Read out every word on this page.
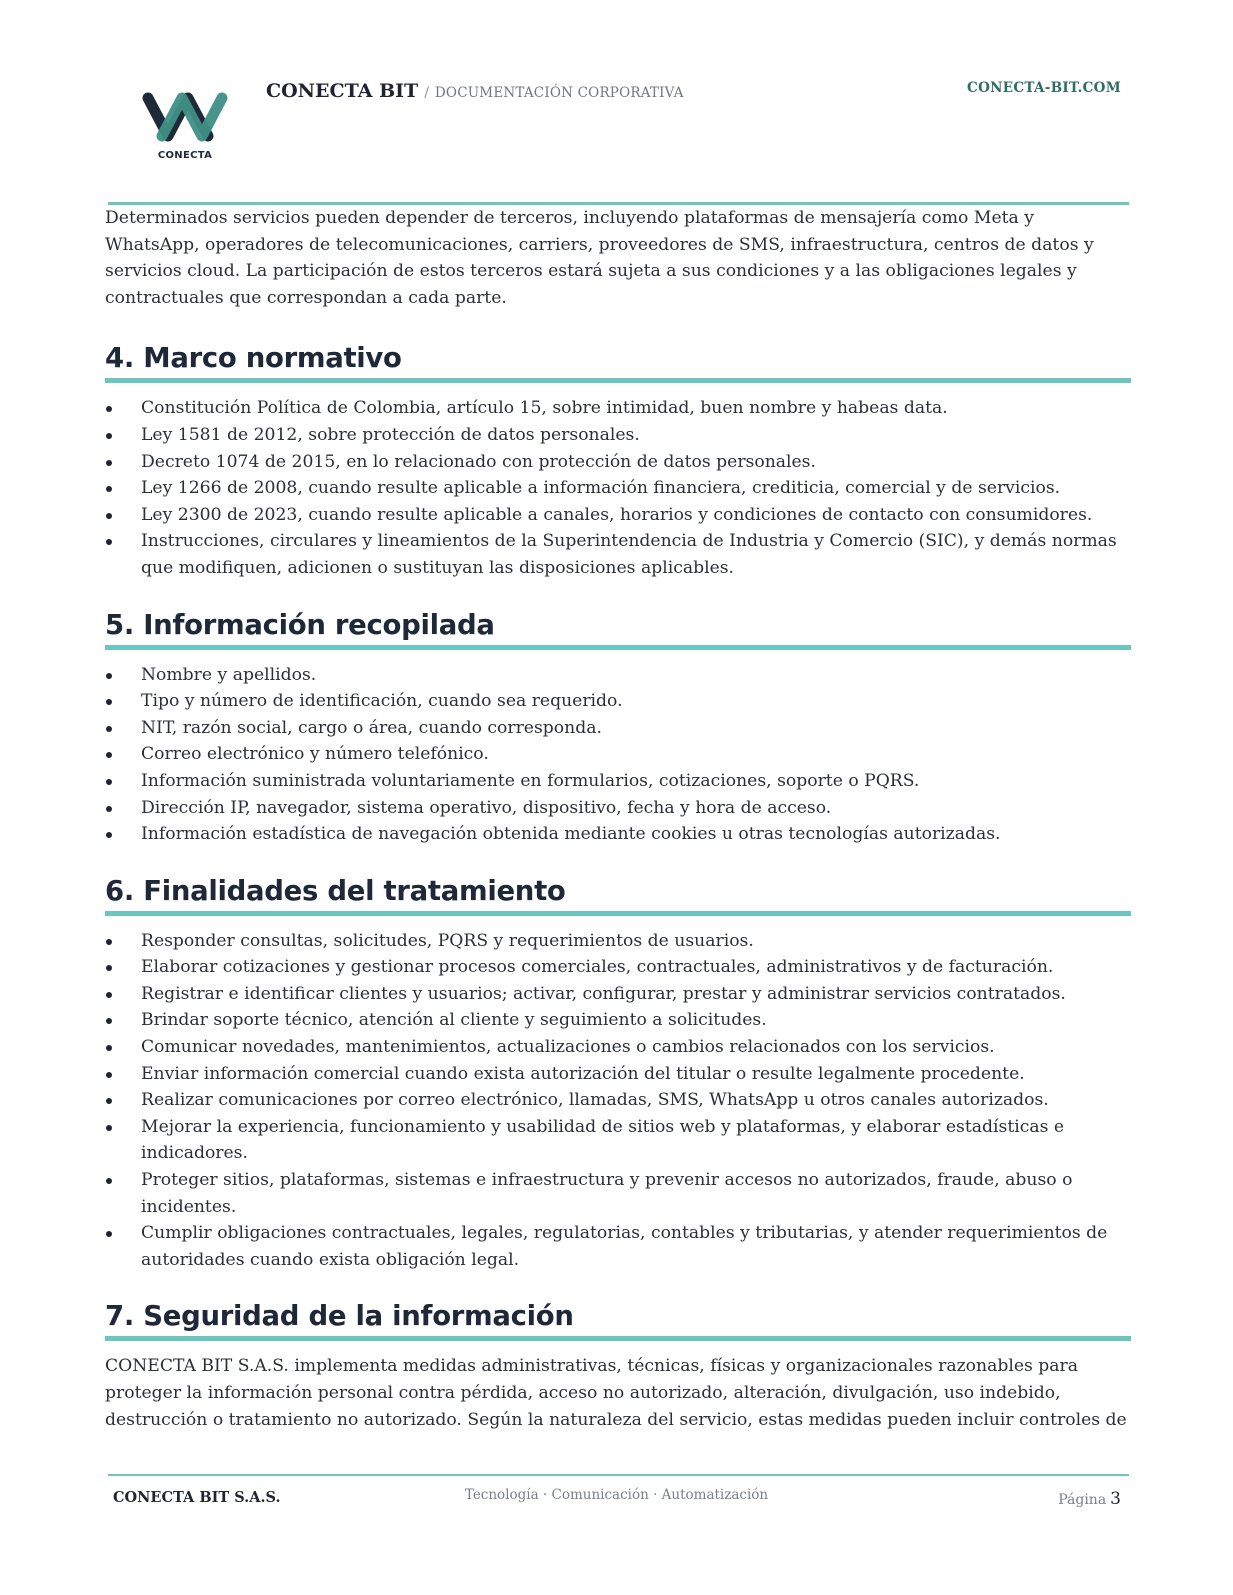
CONECTA
CONECTA BIT / DOCUMENTACIÓN CORPORATIVA	CONECTA-BIT.COM

Determinados servicios pueden depender de terceros, incluyendo plataformas de mensajería como Meta y WhatsApp, operadores de telecomunicaciones, carriers, proveedores de SMS, infraestructura, centros de datos y servicios cloud. La participación de estos terceros estará sujeta a sus condiciones y a las obligaciones legales y contractuales que correspondan a cada parte.

4. Marco normativo
Constitución Política de Colombia, artículo 15, sobre intimidad, buen nombre y habeas data.
Ley 1581 de 2012, sobre protección de datos personales.
Decreto 1074 de 2015, en lo relacionado con protección de datos personales.
Ley 1266 de 2008, cuando resulte aplicable a información financiera, crediticia, comercial y de servicios.
Ley 2300 de 2023, cuando resulte aplicable a canales, horarios y condiciones de contacto con consumidores.
Instrucciones, circulares y lineamientos de la Superintendencia de Industria y Comercio (SIC), y demás normas que modifiquen, adicionen o sustituyan las disposiciones aplicables.
5. Información recopilada
Nombre y apellidos.
Tipo y número de identificación, cuando sea requerido.
NIT, razón social, cargo o área, cuando corresponda.
Correo electrónico y número telefónico.
Información suministrada voluntariamente en formularios, cotizaciones, soporte o PQRS.
Dirección IP, navegador, sistema operativo, dispositivo, fecha y hora de acceso.
Información estadística de navegación obtenida mediante cookies u otras tecnologías autorizadas.
6. Finalidades del tratamiento
Responder consultas, solicitudes, PQRS y requerimientos de usuarios.
Elaborar cotizaciones y gestionar procesos comerciales, contractuales, administrativos y de facturación.
Registrar e identificar clientes y usuarios; activar, configurar, prestar y administrar servicios contratados.
Brindar soporte técnico, atención al cliente y seguimiento a solicitudes.
Comunicar novedades, mantenimientos, actualizaciones o cambios relacionados con los servicios.
Enviar información comercial cuando exista autorización del titular o resulte legalmente procedente.
Realizar comunicaciones por correo electrónico, llamadas, SMS, WhatsApp u otros canales autorizados.
Mejorar la experiencia, funcionamiento y usabilidad de sitios web y plataformas, y elaborar estadísticas e indicadores.
Proteger sitios, plataformas, sistemas e infraestructura y prevenir accesos no autorizados, fraude, abuso o incidentes.
Cumplir obligaciones contractuales, legales, regulatorias, contables y tributarias, y atender requerimientos de autoridades cuando exista obligación legal.
7. Seguridad de la información

CONECTA BIT S.A.S. implementa medidas administrativas, técnicas, físicas y organizacionales razonables para proteger la información personal contra pérdida, acceso no autorizado, alteración, divulgación, uso indebido, destrucción o tratamiento no autorizado. Según la naturaleza del servicio, estas medidas pueden incluir controles de

CONECTA BIT S.A.S.	Tecnología · Comunicación · Automatización	Página 3
